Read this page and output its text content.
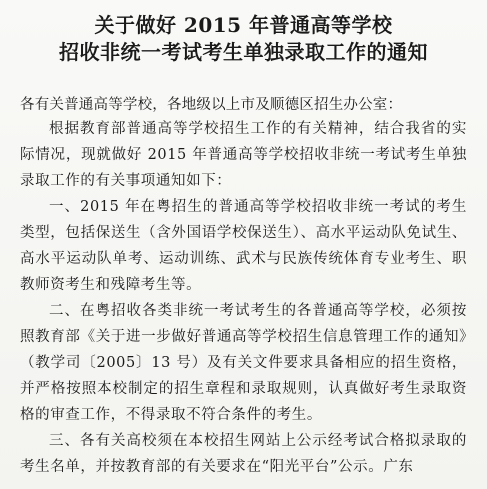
关于做好 2015 年普通高等学校

招收非统一考试考生单独录取工作的通知

各有关普通高等学校，各地级以上市及顺德区招生办公室：

根据教育部普通高等学校招生工作的有关精神，结合我省的实际情况，现就做好 2015 年普通高等学校招收非统一考试考生单独录取工作的有关事项通知如下：

一、2015 年在粤招生的普通高等学校招收非统一考试的考生类型，包括保送生（含外国语学校保送生）、高水平运动队免试生、高水平运动队单考、运动训练、武术与民族传统体育专业考生、职教师资考生和残障考生等。

二、在粤招收各类非统一考试考生的各普通高等学校，必须按照教育部《关于进一步做好普通高等学校招生信息管理工作的通知》（教学司〔2005〕13 号）及有关文件要求具备相应的招生资格，并严格按照本校制定的招生章程和录取规则，认真做好考生录取资格的审查工作，不得录取不符合条件的考生。

三、各有关高校须在本校招生网站上公示经考试合格拟录取的考生名单，并按教育部的有关要求在“阳光平台”公示。广东
